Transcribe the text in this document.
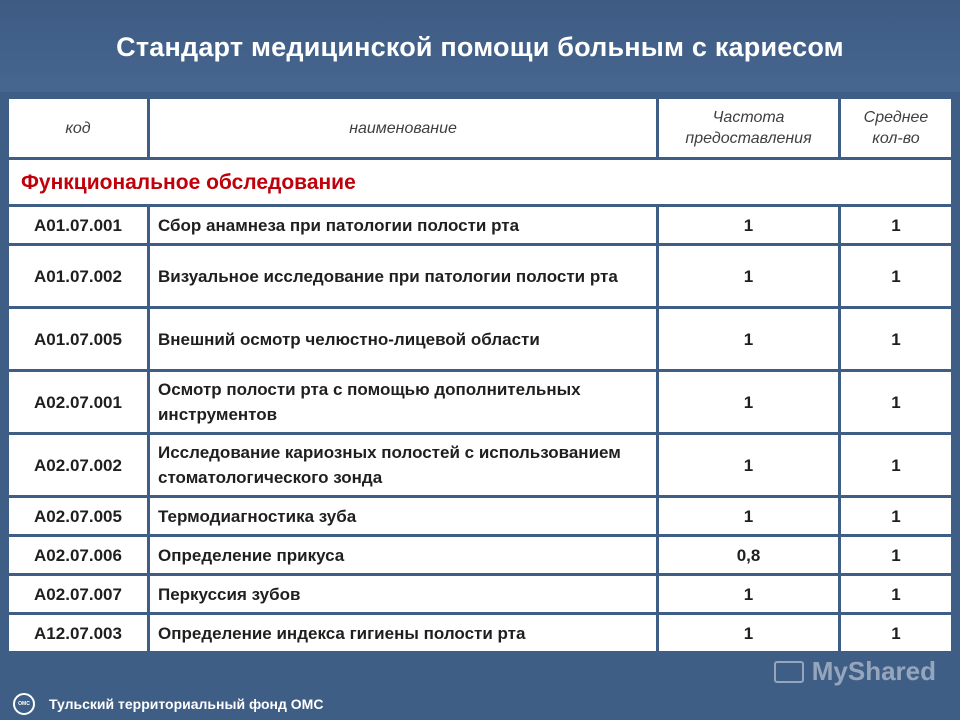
Стандарт медицинской помощи больным с кариесом
код	наименование	Частота предоставления	Среднее кол-во
Функциональное обследование			
A01.07.001	Сбор анамнеза при патологии полости рта	1	1
A01.07.002	Визуальное исследование при патологии полости рта	1	1
A01.07.005	Внешний осмотр челюстно-лицевой области	1	1
A02.07.001	Осмотр полости рта с помощью дополнительных инструментов	1	1
A02.07.002	Исследование кариозных полостей с использованием стоматологического зонда	1	1
A02.07.005	Термодиагностика зуба	1	1
A02.07.006	Определение прикуса	0,8	1
A02.07.007	Перкуссия зубов	1	1
A12.07.003	Определение индекса гигиены полости рта	1	1
ОМС Тульский территориальный фонд ОМС
MyShared
